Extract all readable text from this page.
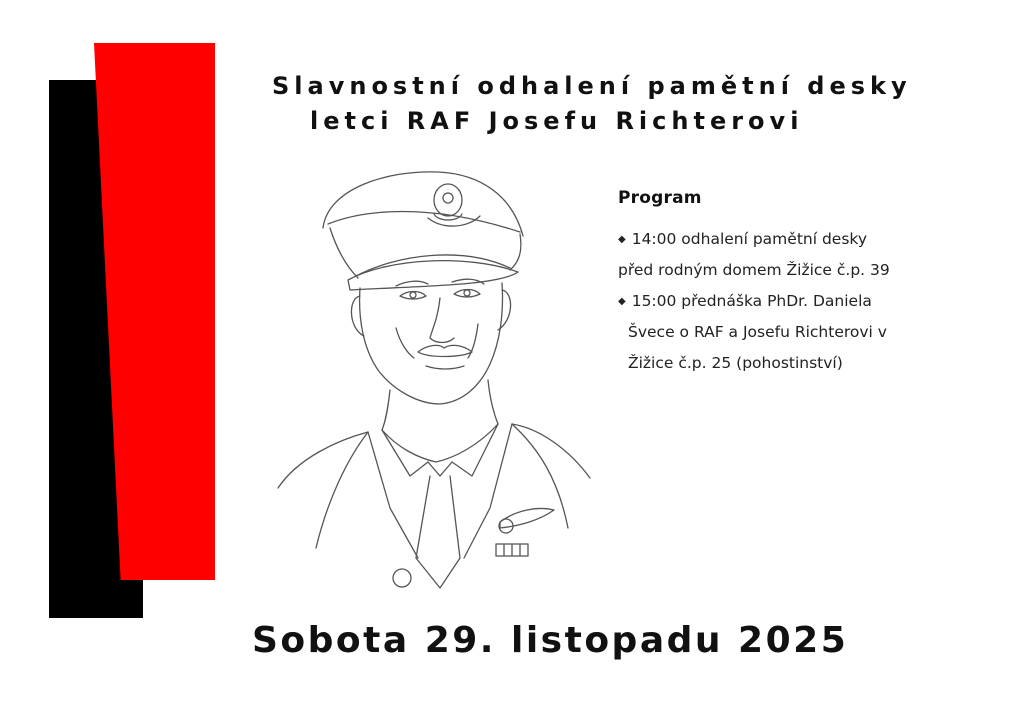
Slavnostní odhalení pamětní desky
letci RAF Josefu Richterovi
Program
◆ 14:00 odhalení pamětní desky
před rodným domem Žižice č.p. 39
◆ 15:00 přednáška PhDr. Daniela
Švece o RAF a Josefu Richterovi v
Žižice č.p. 25 (pohostinství)
Sobota 29. listopadu 2025
